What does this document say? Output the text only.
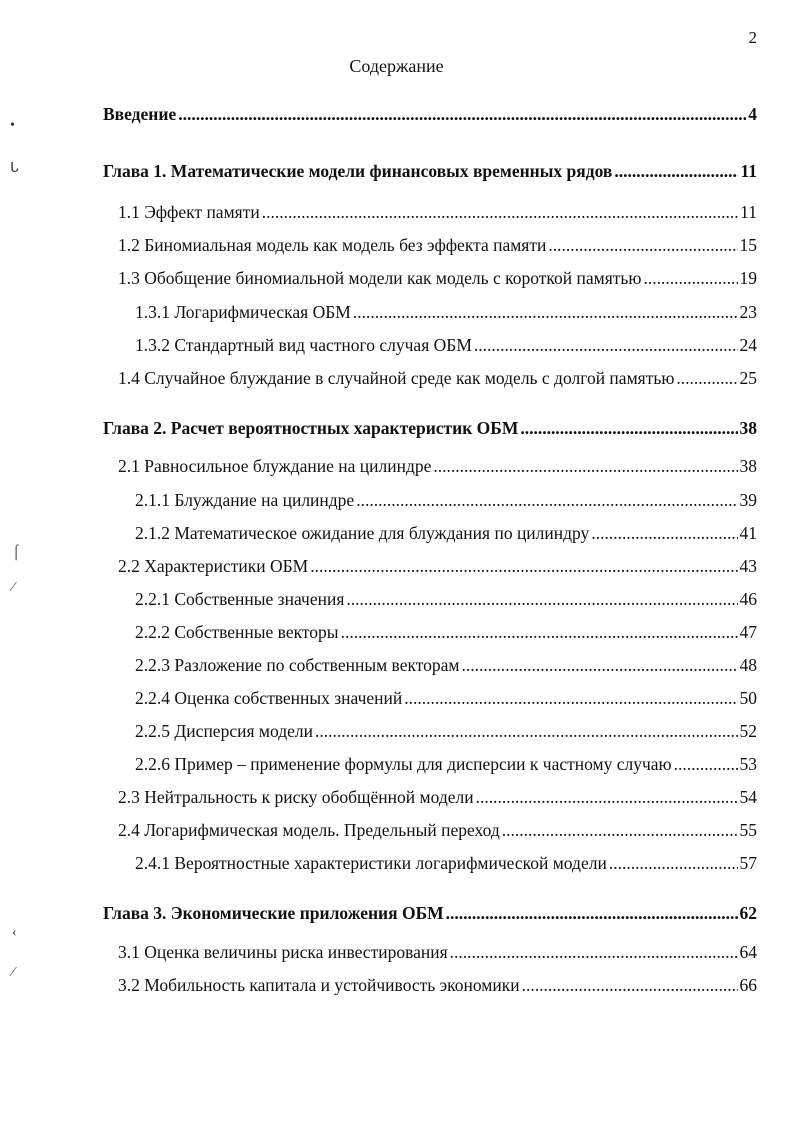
2
Содержание
Введение .....	4
Глава 1. Математические модели финансовых временных рядов .....	11
1.1 Эффект памяти .....	11
1.2 Биномиальная модель как модель без эффекта памяти .....	15
1.3 Обобщение биномиальной модели как модель с короткой памятью .....	19
1.3.1 Логарифмическая ОБМ .....	23
1.3.2 Стандартный вид частного случая ОБМ .....	24
1.4 Случайное блуждание в случайной среде как модель с долгой памятью .....	25
Глава 2. Расчет вероятностных характеристик ОБМ .....	38
2.1 Равносильное блуждание на цилиндре .....	38
2.1.1 Блуждание на цилиндре .....	39
2.1.2 Математическое ожидание для блуждания по цилиндру .....	41
2.2 Характеристики ОБМ .....	43
2.2.1 Собственные значения .....	46
2.2.2 Собственные векторы .....	47
2.2.3 Разложение по собственным векторам .....	48
2.2.4 Оценка собственных значений .....	50
2.2.5 Дисперсия модели .....	52
2.2.6 Пример – применение формулы для дисперсии к частному случаю .....	53
2.3 Нейтральность к риску обобщённой модели .....	54
2.4 Логарифмическая модель. Предельный переход .....	55
2.4.1 Вероятностные характеристики логарифмической модели .....	57
Глава 3. Экономические приложения ОБМ .....	62
3.1 Оценка величины риска инвестирования .....	64
3.2 Мобильность капитала и устойчивость экономики .....	66
•
ᒐ
⌠
⁄
‹
⁄
